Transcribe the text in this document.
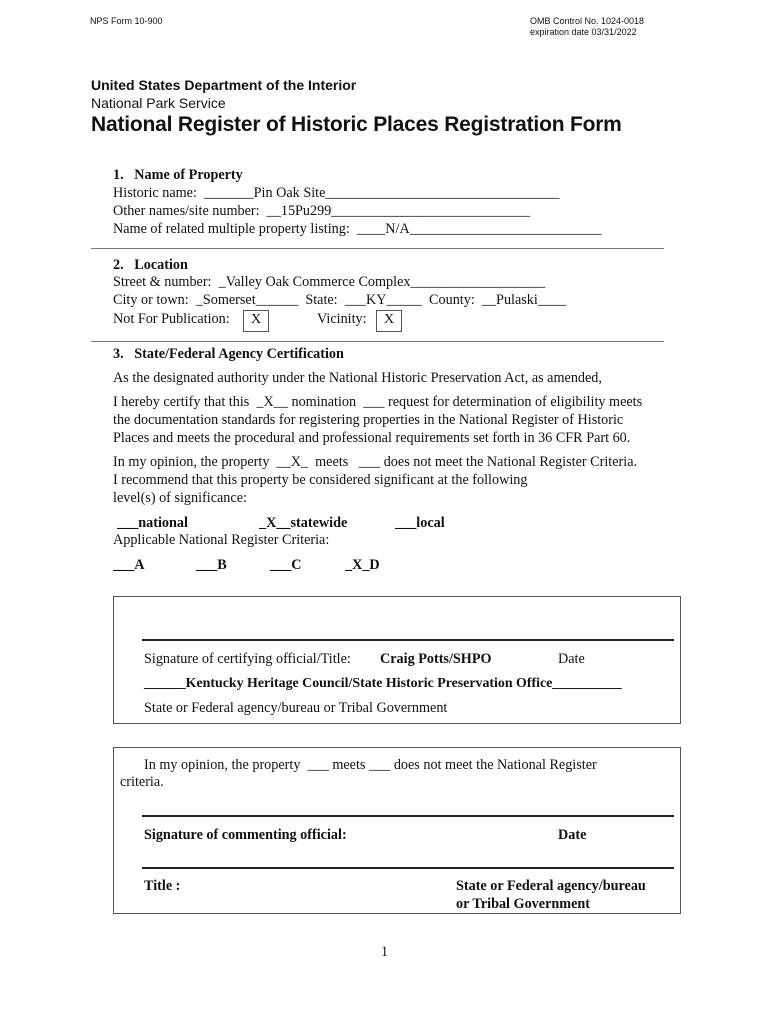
NPS Form 10-900	OMB Control No. 1024-0018
expiration date 03/31/2022
United States Department of the Interior
National Park Service
National Register of Historic Places Registration Form
1.   Name of Property
Historic name:  _______Pin Oak Site_________________________________
Other names/site number:  __15Pu299____________________________
Name of related multiple property listing:  ____N/A___________________________
2.   Location
Street & number:  _Valley Oak Commerce Complex___________________
City or town:  _Somerset______  State:  ___KY_____  County:  __Pulaski____
Not For Publication:	X	Vicinity:	X
3.   State/Federal Agency Certification
As the designated authority under the National Historic Preservation Act, as amended,
I hereby certify that this  _X__ nomination  ___ request for determination of eligibility meets
the documentation standards for registering properties in the National Register of Historic
Places and meets the procedural and professional requirements set forth in 36 CFR Part 60.
In my opinion, the property  __X_  meets   ___ does not meet the National Register Criteria.
I recommend that this property be considered significant at the following
level(s) of significance:
___national	_X__statewide	___local
Applicable National Register Criteria:
___A	___B	___C	_X_D
Signature of certifying official/Title: Craig Potts/SHPO	Date
______Kentucky Heritage Council/State Historic Preservation Office__________
State or Federal agency/bureau or Tribal Government
In my opinion, the property  ___ meets ___ does not meet the National Register
criteria.
Signature of commenting official:	Date
Title :	State or Federal agency/bureau
or Tribal Government
1
